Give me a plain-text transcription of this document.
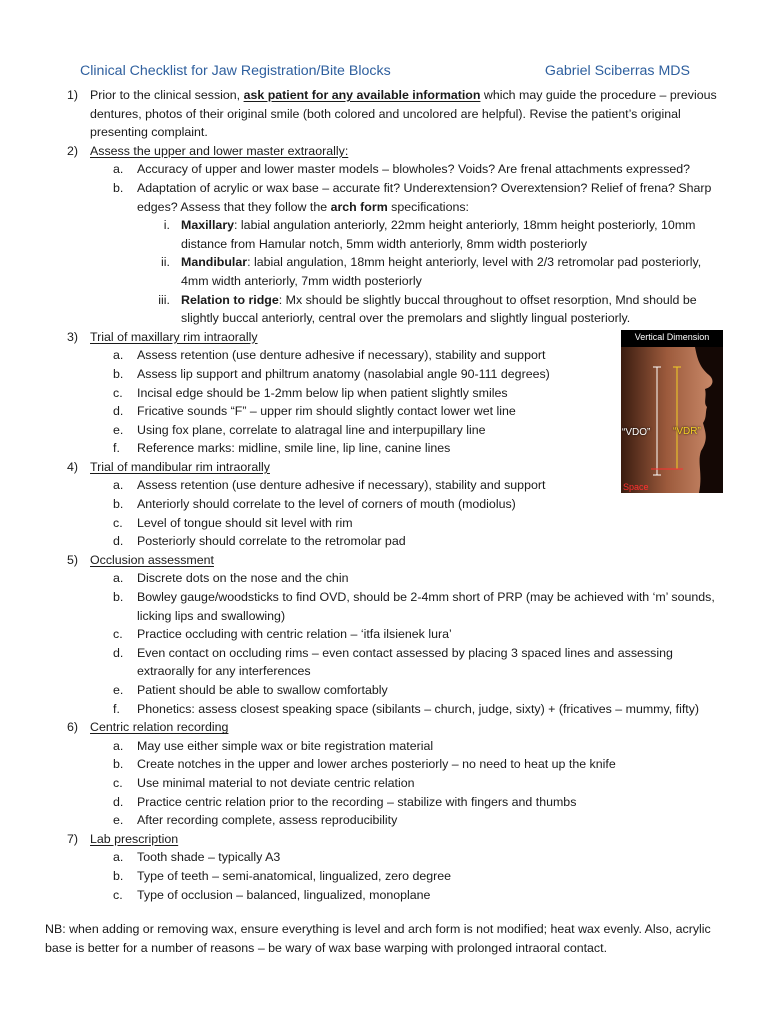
Clinical Checklist for Jaw Registration/Bite Blocks	Gabriel Sciberras MDS
1) Prior to the clinical session, ask patient for any available information which may guide the procedure – previous dentures, photos of their original smile (both colored and uncolored are helpful). Revise the patient’s original presenting complaint.
2) Assess the upper and lower master extraorally:
a. Accuracy of upper and lower master models – blowholes? Voids? Are frenal attachments expressed?
b. Adaptation of acrylic or wax base – accurate fit? Underextension? Overextension? Relief of frena? Sharp edges? Assess that they follow the arch form specifications:
i. Maxillary: labial angulation anteriorly, 22mm height anteriorly, 18mm height posteriorly, 10mm distance from Hamular notch, 5mm width anteriorly, 8mm width posteriorly
ii. Mandibular: labial angulation, 18mm height anteriorly, level with 2/3 retromolar pad posteriorly, 4mm width anteriorly, 7mm width posteriorly
iii. Relation to ridge: Mx should be slightly buccal throughout to offset resorption, Mnd should be slightly buccal anteriorly, central over the premolars and slightly lingual posteriorly.
3) Trial of maxillary rim intraorally
a. Assess retention (use denture adhesive if necessary), stability and support
b. Assess lip support and philtrum anatomy (nasolabial angle 90-111 degrees)
c. Incisal edge should be 1-2mm below lip when patient slightly smiles
d. Fricative sounds “F” – upper rim should slightly contact lower wet line
e. Using fox plane, correlate to alatragal line and interpupillary line
f. Reference marks: midline, smile line, lip line, canine lines
4) Trial of mandibular rim intraorally
a. Assess retention (use denture adhesive if necessary), stability and support
b. Anteriorly should correlate to the level of corners of mouth (modiolus)
c. Level of tongue should sit level with rim
d. Posteriorly should correlate to the retromolar pad
5) Occlusion assessment
a. Discrete dots on the nose and the chin
b. Bowley gauge/woodsticks to find OVD, should be 2-4mm short of PRP (may be achieved with ‘m’ sounds, licking lips and swallowing)
c. Practice occluding with centric relation – ‘itfa ilsienek lura’
d. Even contact on occluding rims – even contact assessed by placing 3 spaced lines and assessing extraorally for any interferences
e. Patient should be able to swallow comfortably
f. Phonetics: assess closest speaking space (sibilants – church, judge, sixty) + (fricatives – mummy, fifty)
6) Centric relation recording
a. May use either simple wax or bite registration material
b. Create notches in the upper and lower arches posteriorly – no need to heat up the knife
c. Use minimal material to not deviate centric relation
d. Practice centric relation prior to the recording – stabilize with fingers and thumbs
e. After recording complete, assess reproducibility
7) Lab prescription
a. Tooth shade – typically A3
b. Type of teeth – semi-anatomical, lingualized, zero degree
c. Type of occlusion – balanced, lingualized, monoplane
NB: when adding or removing wax, ensure everything is level and arch form is not modified; heat wax evenly. Also, acrylic base is better for a number of reasons – be wary of wax base warping with prolonged intraoral contact.
Vertical Dimension
“VDO” “VDR”
Space
